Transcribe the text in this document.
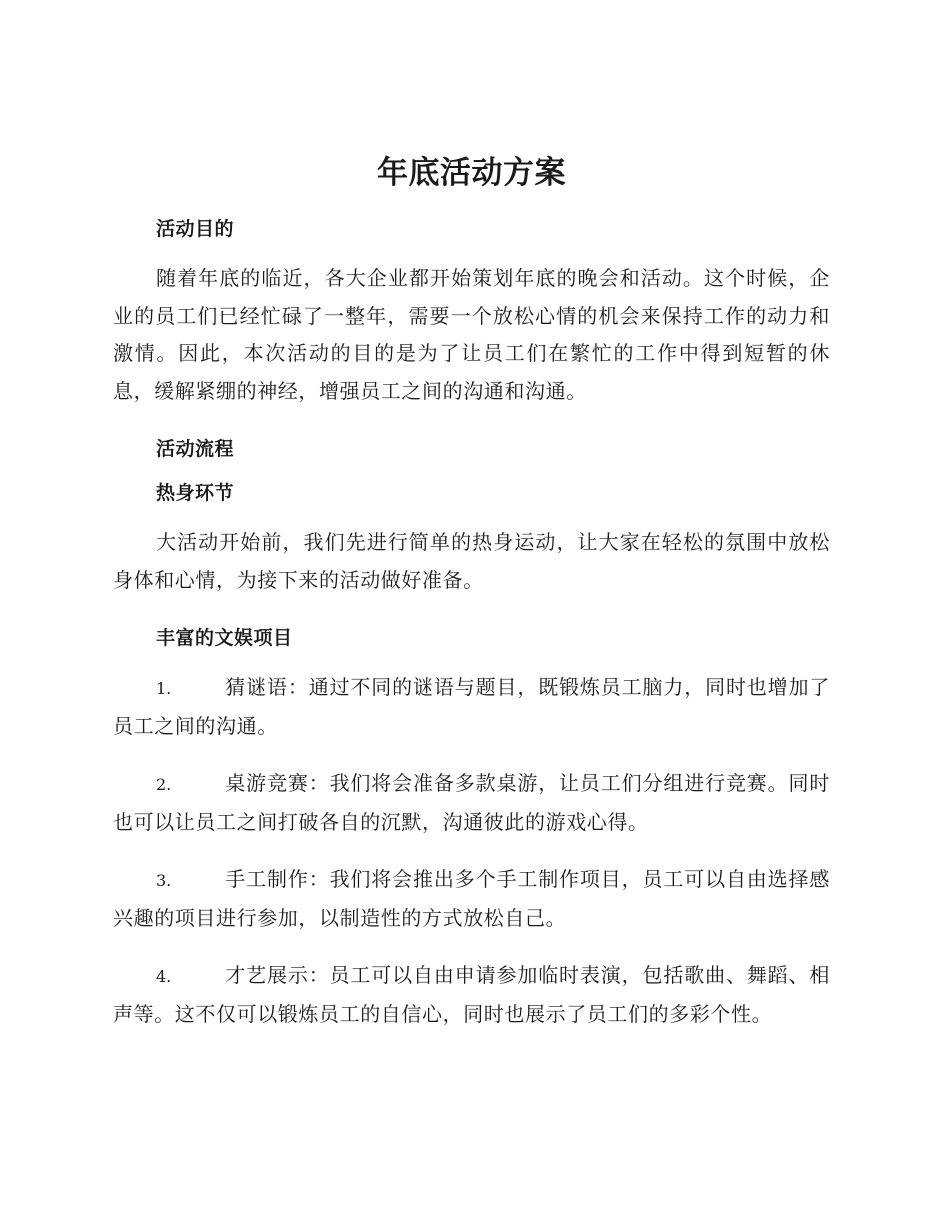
年底活动方案
活动目的

随着年底的临近，各大企业都开始策划年底的晚会和活动。这个时候，企业的员工们已经忙碌了一整年，需要一个放松心情的机会来保持工作的动力和激情。因此，本次活动的目的是为了让员工们在繁忙的工作中得到短暂的休息，缓解紧绷的神经，增强员工之间的沟通和沟通。

活动流程
热身环节

大活动开始前，我们先进行简单的热身运动，让大家在轻松的氛围中放松身体和心情，为接下来的活动做好准备。

丰富的文娱项目

1.	猜谜语：通过不同的谜语与题目，既锻炼员工脑力，同时也增加了员工之间的沟通。

2.	桌游竞赛：我们将会准备多款桌游，让员工们分组进行竞赛。同时也可以让员工之间打破各自的沉默，沟通彼此的游戏心得。

3.	手工制作：我们将会推出多个手工制作项目，员工可以自由选择感兴趣的项目进行参加，以制造性的方式放松自己。

4.	才艺展示：员工可以自由申请参加临时表演，包括歌曲、舞蹈、相声等。这不仅可以锻炼员工的自信心，同时也展示了员工们的多彩个性。
